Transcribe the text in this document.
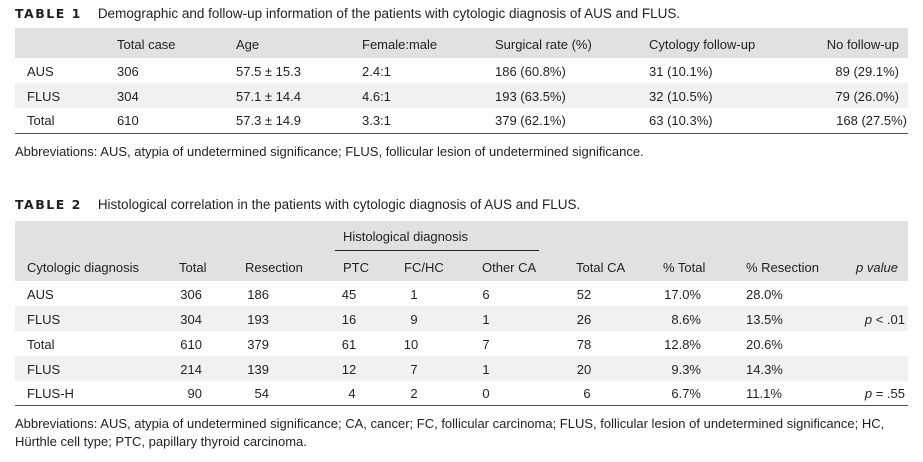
TABLE 1 Demographic and follow-up information of the patients with cytologic diagnosis of AUS and FLUS.
Total case	Age	Female:male	Surgical rate (%)	Cytology follow-up	No follow-up
AUS	306	57.5 ± 15.3	2.4:1	186 (60.8%)	31 (10.1%)	89 (29.1%)
FLUS	304	57.1 ± 14.4	4.6:1	193 (63.5%)	32 (10.5%)	79 (26.0%)
Total	610	57.3 ± 14.9	3.3:1	379 (62.1%)	63 (10.3%)	168 (27.5%)
Abbreviations: AUS, atypia of undetermined significance; FLUS, follicular lesion of undetermined significance.
TABLE 2 Histological correlation in the patients with cytologic diagnosis of AUS and FLUS.
Histological diagnosis
Cytologic diagnosis	Total	Resection	PTC	FC/HC	Other CA	Total CA	% Total	% Resection	p value
AUS	306	186	45	1	6	52	17.0%	28.0%
FLUS	304	193	16	9	1	26	8.6%	13.5%	p < .01
Total	610	379	61	10	7	78	12.8%	20.6%
FLUS	214	139	12	7	1	20	9.3%	14.3%
FLUS-H	90	54	4	2	0	6	6.7%	11.1%	p = .55
Abbreviations: AUS, atypia of undetermined significance; CA, cancer; FC, follicular carcinoma; FLUS, follicular lesion of undetermined significance; HC, Hürthle cell type; PTC, papillary thyroid carcinoma.
